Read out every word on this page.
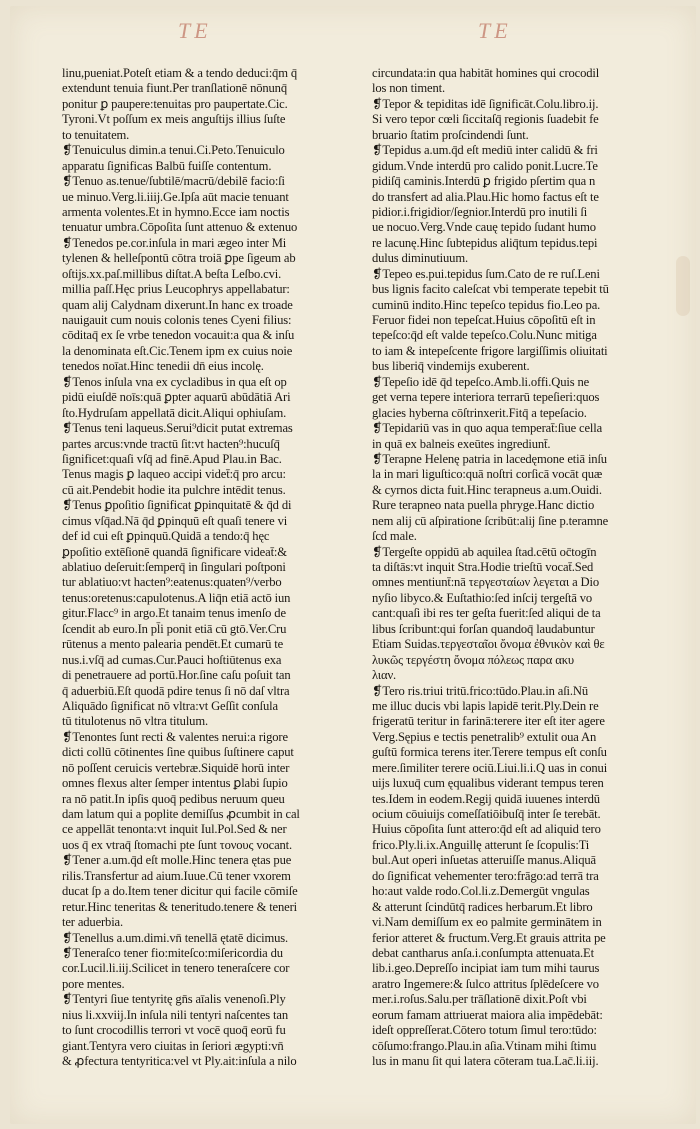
TE	TE
linu,pueniat.Poteſt etiam & a tendo deduci:q̄m q̄
extendunt tenuia fiunt.Per tranſlationē nōnunq̄
ponitur ꝑ paupere:tenuitas pro paupertate.Cic.
Tyroni.Vt poſſum ex meis anguſtijs illius ſuſte
to tenuitatem.
❡Tenuiculus dimin.a tenui.Ci.Peto.Tenuiculo
apparatu ſignificas Balbū fuiſſe contentum.
❡Tenuo as.tenue/ſubtilē/macrū/debilē facio:ſi
ue minuo.Verg.li.iiij.Ge.Ipſa aūt macie tenuant
armenta volentes.Et in hymno.Ecce iam noctis
tenuatur umbra.Cōpoſita ſunt attenuo & extenuo
❡Tenedos pe.cor.inſula in mari ægeo inter Mi
tylenen & helleſpontū cōtra troiā ꝑpe ſigeum ab
oſtijs.xx.paſ.millibus diſtat.A beſta Leſbo.cvi.
millia paſſ.Hęc prius Leucophrys appellabatur:
quam alij Calydnam dixerunt.In hanc ex troade
nauigauit cum nouis colonis tenes Cyeni filius:
cōditaq̄ ex ſe vrbe tenedon vocauit:a qua & inſu
la denominata eſt.Cic.Tenem ipm ex cuius noie
tenedos noīat.Hinc tenedii dn̄ eius incolę.
❡Tenos inſula vna ex cycladibus in qua eſt op
pidū eiuſdē noīs:quā ꝑpter aquarū abūdātiā Ari
ſto.Hydruſam appellatā dicit.Aliqui ophiuſam.
❡Tenus teni laqueus.Serui⁹dicit putat extremas
partes arcus:vnde tractū ſit:vt hacten⁹:hucuſq̄
ſignificet:quaſi vſq̄ ad finē.Apud Plau.in Bac.
Tenus magis ꝑ laqueo accipi videt̄:q̄ pro arcu:
cū ait.Pendebit hodie ita pulchre intēdit tenus.
❡Tenus ꝑpoſitio ſignificat ꝑpinquitatē & q̄d di
cimus vſq̄ad.Nā q̄d ꝑpinquū eſt quaſi tenere vi
def id cui eſt ꝑpinquū.Quidā a tendo:q̄ hęc
ꝑpoſitio extēſionē quandā ſignificare videat̄:&
ablatiuo deſeruit:ſemperq̄ in ſingulari poſtponi
tur ablatiuo:vt hacten⁹:eatenus:quaten⁹/verbo
tenus:oretenus:capulotenus.A liq̄n etiā actō iun
gitur.Flacc⁹ in argo.Et tanaim tenus imenſo de
ſcendit ab euro.In pl̄i ponit etiā cū gtō.Ver.Cru
rūtenus a mento palearia pendēt.Et cumarū te
nus.i.vſq̄ ad cumas.Cur.Pauci hoſtiūtenus exa
di penetrauere ad portū.Hor.ſine caſu poſuit tan
q̄ aduerbiū.Eſt quodā pdire tenus ſi nō daſ vltra
Aliquādo ſignificat nō vltra:vt Geſſit conſula
tū titulotenus nō vltra titulum.
❡Tenontes ſunt recti & valentes nerui:a rigore
dicti collū cōtinentes ſine quibus ſuſtinere caput
nō poſſent ceruicis vertebræ.Siquidē horū inter
omnes flexus alter ſemper intentus ꝑlabi ſupio
ra nō patit.In ipſis quoq̄ pedibus neruum queu
dam latum qui a poplite demiſſus ꝓcumbit in cal
ce appellāt tenonta:vt inquit Iul.Pol.Sed & ner
uos q̄ ex vtraq̄ ſtomachi pte ſunt τονους vocant.
❡Tener a.um.q̄d eſt molle.Hinc tenera ętas pue
rilis.Transfertur ad aium.Iuue.Cū tener vxorem
ducat ſp a do.Item tener dicitur qui facile cōmiſe
retur.Hinc teneritas & teneritudo.tenere & teneri
ter aduerbia.
❡Tenellus a.um.dimi.vn̄ tenellā ętatē dicimus.
❡Teneraſco tener fio:miteſco:miſericordia du
cor.Lucil.li.iij.Scilicet in tenero teneraſcere cor
pore mentes.
❡Tentyri ſiue tentyritę gn̄s aīalis venenoſi.Ply
nius li.xxviij.In inſula nili tentyri naſcentes tan
to ſunt crocodillis terrori vt vocē quoq̄ eorū fu
giant.Tentyra vero ciuitas in ſeriori ægypti:vn̄
& ꝓfectura tentyritica:vel vt Ply.ait:inſula a nilo
circundata:in qua habitāt homines qui crocodil
los non timent.
❡Tepor & tepiditas idē ſignificāt.Colu.libro.ij.
Si vero tepor cœli ſiccitaſq̄ regionis ſuadebit fe
bruario ſtatim proſcindendi ſunt.
❡Tepidus a.um.q̄d eſt mediū inter calidū & fri
gidum.Vnde interdū pro calido ponit.Lucre.Te
pidiſq̄ caminis.Interdū ꝑ frigido pſertim qua n
do transfert ad alia.Plau.Hic homo factus eſt te
pidior.i.frigidior/ſegnior.Interdū pro inutili ſi
ue nocuo.Verg.Vnde cauę tepido ſudant humo
re lacunę.Hinc ſubtepidus aliq̄tum tepidus.tepi
dulus diminutiuum.
❡Tepeo es.pui.tepidus ſum.Cato de re ruſ.Leni
bus lignis facito caleſcat vbi temperate tepebit tū
cuminū indito.Hinc tepeſco tepidus fio.Leo pa.
Feruor fidei non tepeſcat.Huius cōpoſitū eſt in
tepeſco:q̄d eſt valde tepeſco.Colu.Nunc mitiga
to iam & intepeſcente frigore largiſſimis oliuitati
bus liberiq̄ vindemijs exuberent.
❡Tepeſio idē q̄d tepeſco.Amb.li.offi.Quis ne
get verna tepere interiora terrarū tepeſieri:quos
glacies hyberna cōſtrinxerit.Fitq̄ a tepeſacio.
❡Tepidariū vas in quo aqua temperat̄:ſiue cella
in quā ex balneis exeūtes ingrediunt̄.
❡Terapne Helenę patria in lacedęmone etiā inſu
la in mari liguſtico:quā noſtri corſicā vocāt quæ
& cyrnos dicta fuit.Hinc terapneus a.um.Ouidi.
Rure terapneo nata puella phryge.Hanc dictio
nem alij cū aſpiratione ſcribūt:alij ſine p.teramne
ſcd male.
❡Tergeſte oppidū ab aquilea ſtad.cētū oc̄togīn
ta diſtās:vt inquit Stra.Hodie trieſtū vocat̄.Sed
omnes mentiunt̄:nā τεργεσταίων λεγεται a Dio
nyſio libyco.& Euſtathio:ſed inſcij tergeſtā vo
cant:quaſi ibi res ter geſta fuerit:ſed aliqui de ta
libus ſcribunt:qui forſan quandoq̄ laudabuntur
Etiam Suidas.τεργεσταῖοι ὄνομα ἐθνικὸν καὶ θε
λυκῶς τεργέστη ὄνομα πόλεως παρα ακυ
λιαν.
❡Tero ris.triui tritū.frico:tūdo.Plau.in aſi.Nū
me illuc ducis vbi lapis lapidē terit.Ply.Dein re
frigeratū teritur in farinā:terere iter eſt iter agere
Verg.Sępius e tectis penetralib⁹ extulit oua An
guſtū formica terens iter.Terere tempus eſt conſu
mere.ſimiliter terere ociū.Liui.li.i.Q uas in conui
uijs luxuq̄ cum ęqualibus viderant tempus teren
tes.Idem in eodem.Regij quidā iuuenes interdū
ocium cōuiuijs comeſſatiōibuſq̄ inter ſe terebāt.
Huius cōpoſita ſunt attero:q̄d eſt ad aliquid tero
frico.Ply.li.ix.Anguillę atterunt ſe ſcopulis:Ti
bul.Aut operi inſuetas atteruiſſe manus.Aliquā
do ſignificat vehementer tero:frāgo:ad terrā tra
ho:aut valde rodo.Col.li.z.Demergūt vngulas
& atterunt ſcindūtq̄ radices herbarum.Et libro
vi.Nam demiſſum ex eo palmite germinātem in
ferior atteret & fructum.Verg.Et grauis attrita pe
debat cantharus anſa.i.conſumpta attenuata.Et
lib.i.geo.Depreſſo incipiat iam tum mihi taurus
aratro Ingemere:& ſulco attritus ſplēdeſcere vo
mer.i.roſus.Salu.per trāſlationē dixit.Poſt vbi
eorum famam attriuerat maiora alia impēdebāt:
ideſt oppreſſerat.Cōtero totum ſimul tero:tūdo:
cōſumo:frango.Plau.in aſia.Vtinam mihi ſtimu
lus in manu ſit qui latera cōteram tua.Lac̄.li.iij.
